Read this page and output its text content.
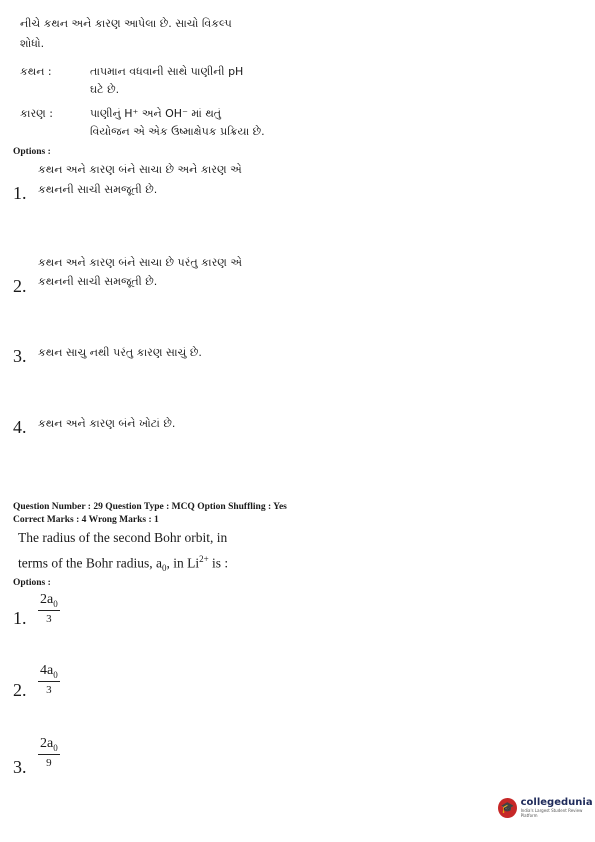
નીચે કથન અને કારણ આપેલા છે. સાચો વિકલ્પ
શોધો.
કથન :	તાપમાન વધવાની સાથે પાણીની pH
ઘટે છે.
કારણ :	પાણીનું H⁺ અને OH⁻ માં થતું
વિયોજન એ એક ઉષ્માક્ષેપક પ્રક્રિયા છે.
Options :
કથન અને કારણ બંને સાચા છે અને કારણ એ
1. કથનની સાચી સમજૂતી છે.
કથન અને કારણ બંને સાચા છે પરંતુ કારણ એ
2. કથનની સાચી સમજૂતી છે.
3. કથન સાચુ નથી પરંતુ કારણ સાચું છે.
4. કથન અને કારણ બંને ખોટાં છે.
Question Number : 29 Question Type : MCQ Option Shuffling : Yes
Correct Marks : 4 Wrong Marks : 1
The radius of the second Bohr orbit, in
terms of the Bohr radius, $a_0$, in $Li^{2+}$ is :
Options :
$2a_0$
3
1.
$4a_0$
3
2.
$2a_0$
9
3.
🎓 collegedunia
India's Largest Student Review Platform
